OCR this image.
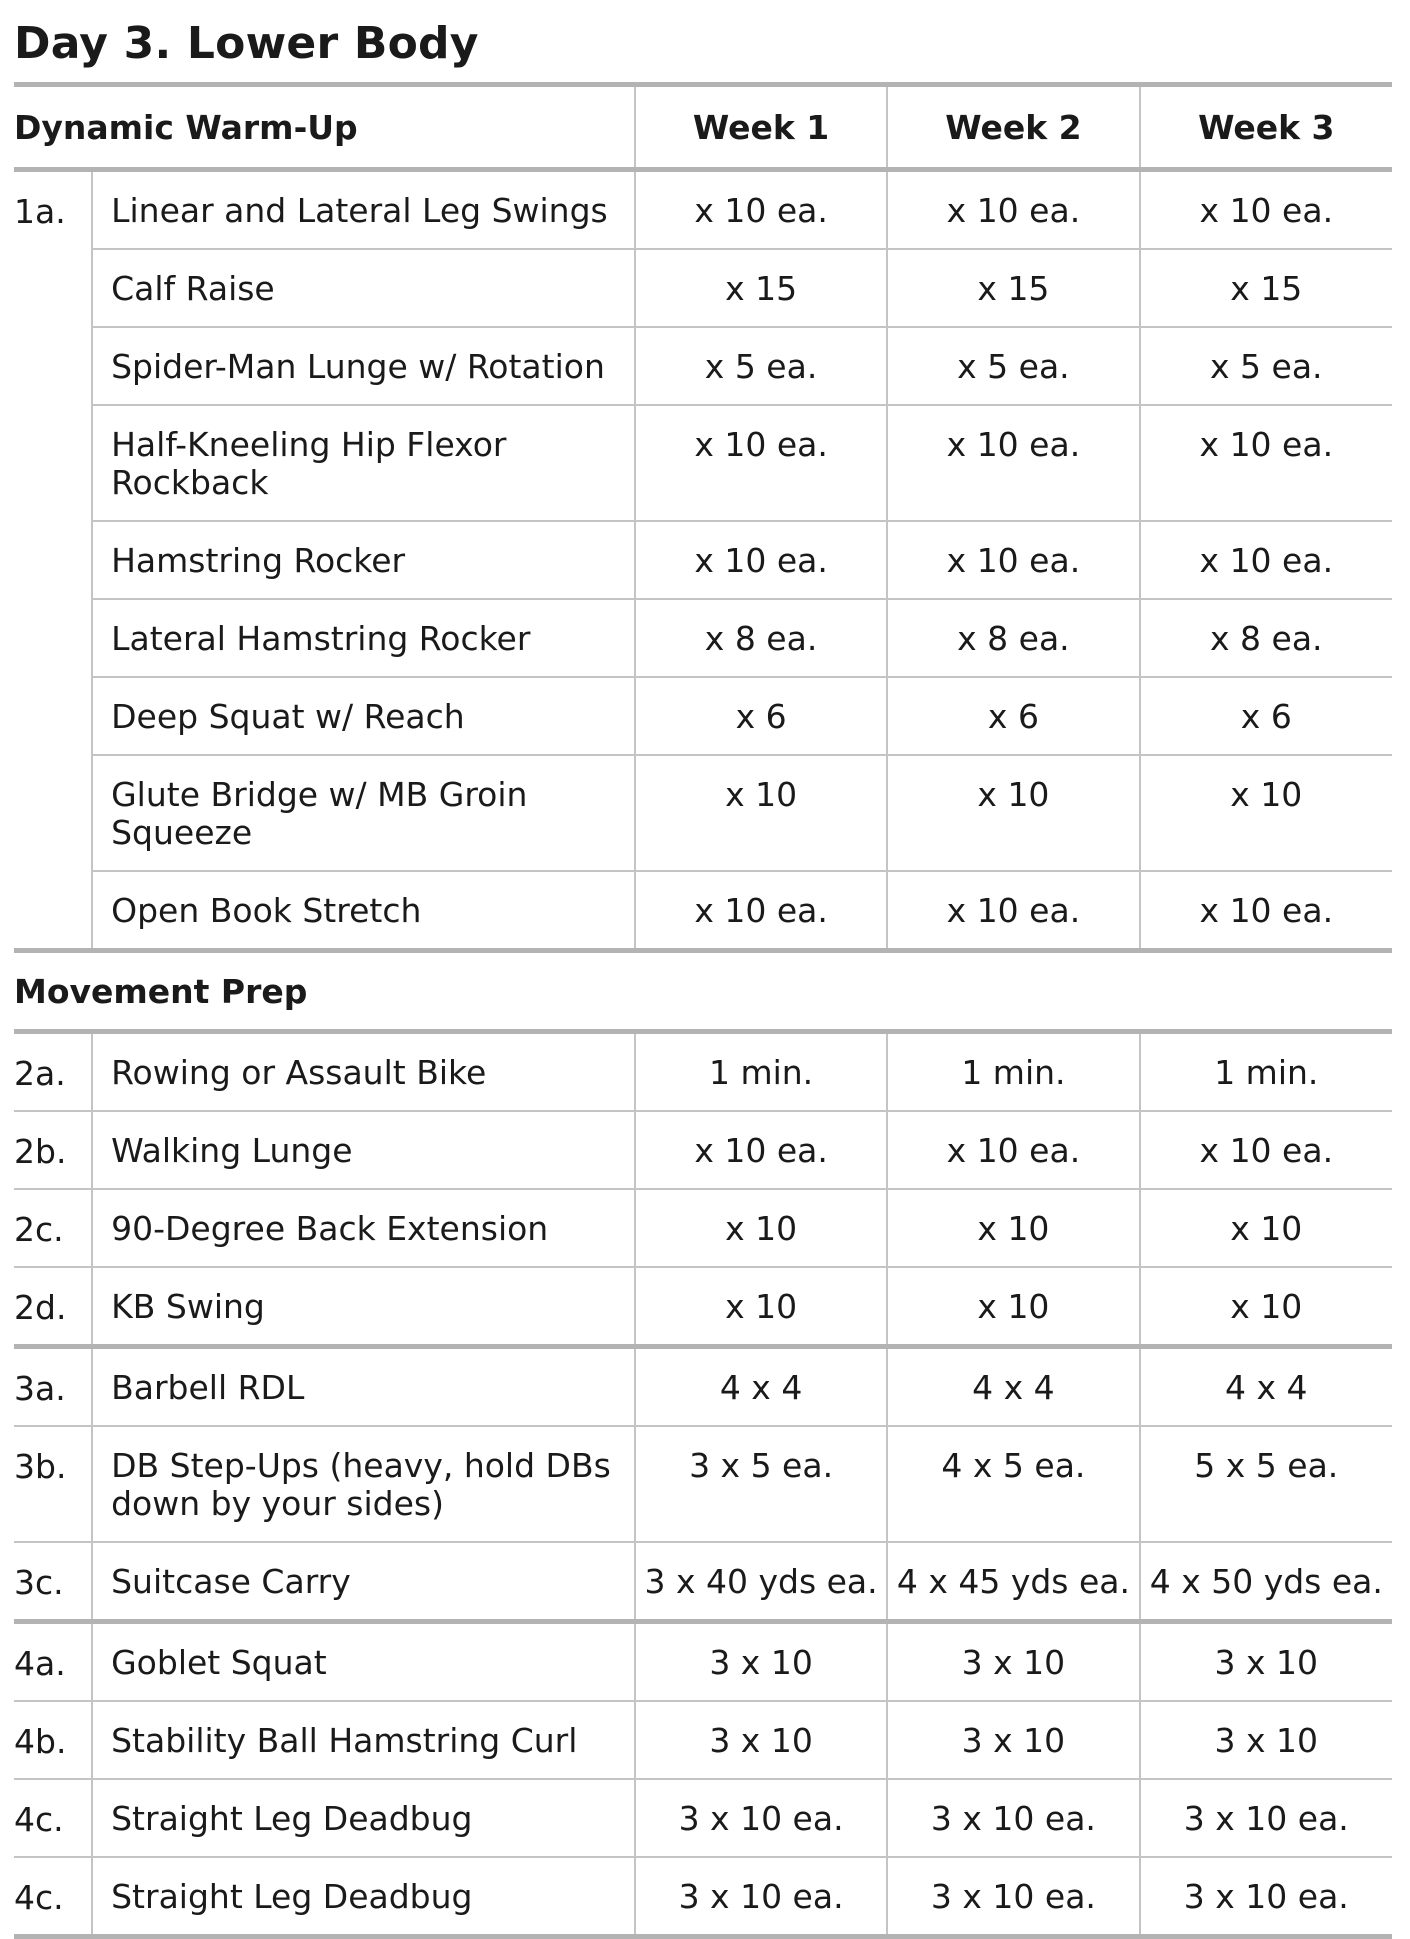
Day 3. Lower Body
Dynamic Warm-Up		Week 1	Week 2	Week 3
1a.	Linear and Lateral Leg Swings	x 10 ea.	x 10 ea.	x 10 ea.
	Calf Raise	x 15	x 15	x 15
	Spider-Man Lunge w/ Rotation	x 5 ea.	x 5 ea.	x 5 ea.
	Half-Kneeling Hip Flexor Rockback	x 10 ea.	x 10 ea.	x 10 ea.
	Hamstring Rocker	x 10 ea.	x 10 ea.	x 10 ea.
	Lateral Hamstring Rocker	x 8 ea.	x 8 ea.	x 8 ea.
	Deep Squat w/ Reach	x 6	x 6	x 6
	Glute Bridge w/ MB Groin Squeeze	x 10	x 10	x 10
	Open Book Stretch	x 10 ea.	x 10 ea.	x 10 ea.
Movement Prep				
2a.	Rowing or Assault Bike	1 min.	1 min.	1 min.
2b.	Walking Lunge	x 10 ea.	x 10 ea.	x 10 ea.
2c.	90-Degree Back Extension	x 10	x 10	x 10
2d.	KB Swing	x 10	x 10	x 10
3a.	Barbell RDL	4 x 4	4 x 4	4 x 4
3b.	DB Step-Ups (heavy, hold DBs down by your sides)	3 x 5 ea.	4 x 5 ea.	5 x 5 ea.
3c.	Suitcase Carry	3 x 40 yds ea.	4 x 45 yds ea.	4 x 50 yds ea.
4a.	Goblet Squat	3 x 10	3 x 10	3 x 10
4b.	Stability Ball Hamstring Curl	3 x 10	3 x 10	3 x 10
4c.	Straight Leg Deadbug	3 x 10 ea.	3 x 10 ea.	3 x 10 ea.
4c.	Straight Leg Deadbug	3 x 10 ea.	3 x 10 ea.	3 x 10 ea.
